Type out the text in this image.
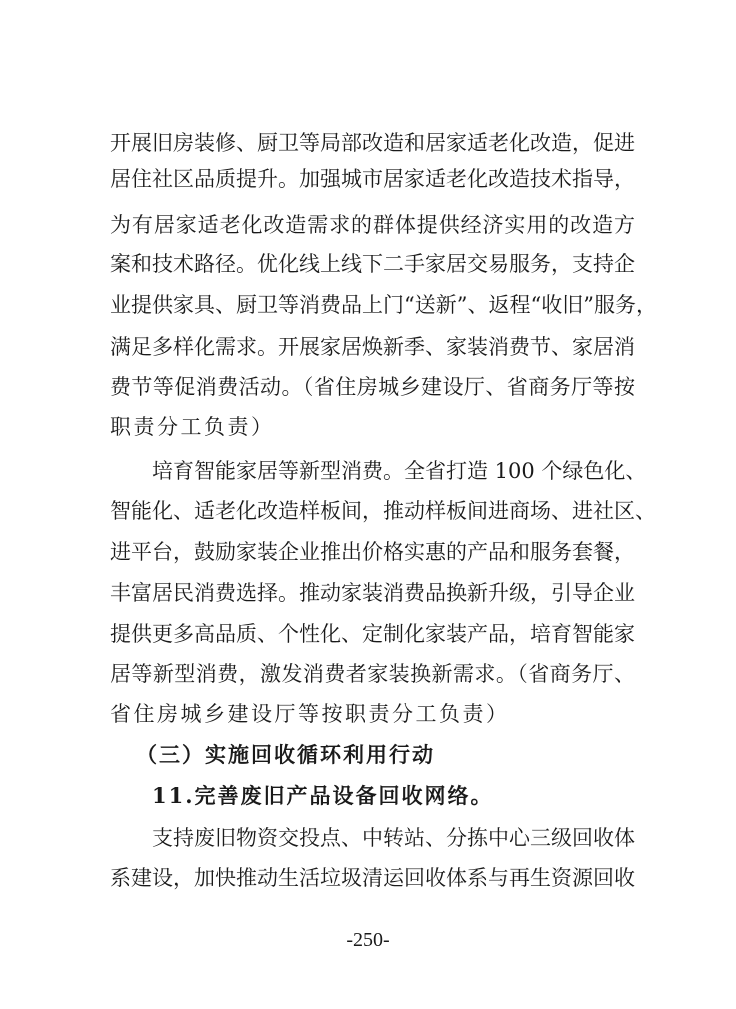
开展旧房装修、厨卫等局部改造和居家适老化改造，促进
居住社区品质提升。加强城市居家适老化改造技术指导，
为有居家适老化改造需求的群体提供经济实用的改造方
案和技术路径。优化线上线下二手家居交易服务，支持企
业提供家具、厨卫等消费品上门“送新”、返程“收旧”服务，
满足多样化需求。开展家居焕新季、家装消费节、家居消
费节等促消费活动。（省住房城乡建设厅、省商务厅等按
职责分工负责）
培育智能家居等新型消费。全省打造 100 个绿色化、
智能化、适老化改造样板间，推动样板间进商场、进社区、
进平台，鼓励家装企业推出价格实惠的产品和服务套餐，
丰富居民消费选择。推动家装消费品换新升级，引导企业
提供更多高品质、个性化、定制化家装产品，培育智能家
居等新型消费，激发消费者家装换新需求。（省商务厅、
省住房城乡建设厅等按职责分工负责）
（三）实施回收循环利用行动
11.完善废旧产品设备回收网络。
支持废旧物资交投点、中转站、分拣中心三级回收体
系建设，加快推动生活垃圾清运回收体系与再生资源回收
-250-
